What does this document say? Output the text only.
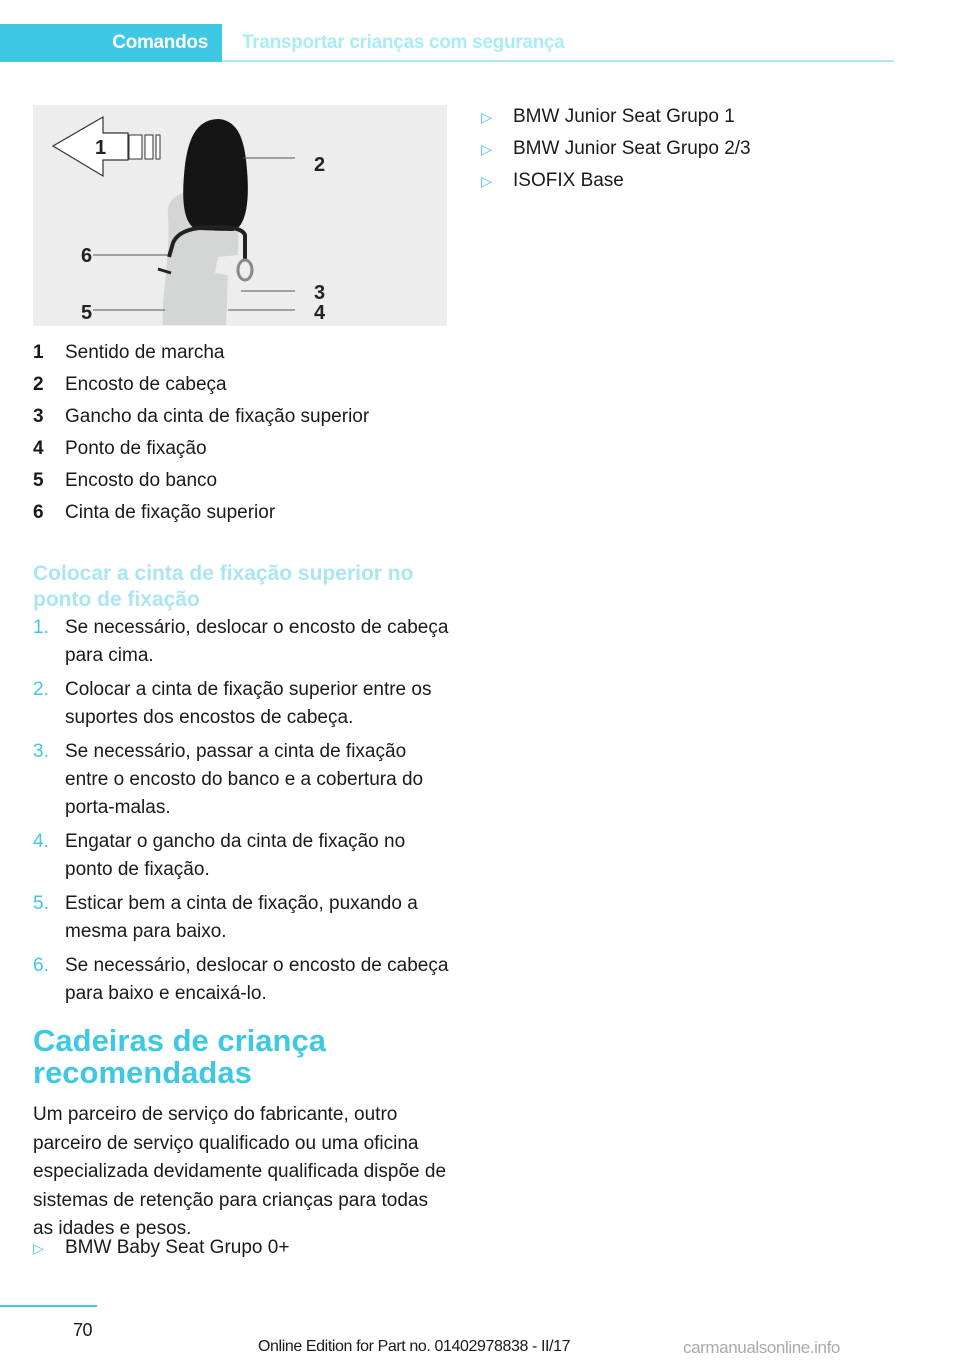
Comandos Transportar crianças com segurança
1
2
3
4
5
6
1	Sentido de marcha
2	Encosto de cabeça
3	Gancho da cinta de fixação superior
4	Ponto de fixação
5	Encosto do banco
6	Cinta de fixação superior
Colocar a cinta de fixação superior no ponto de fixação
1. Se necessário, deslocar o encosto de cabeça para cima.
2. Colocar a cinta de fixação superior entre os suportes dos encostos de cabeça.
3. Se necessário, passar a cinta de fixação entre o encosto do banco e a cobertura do porta-malas.
4. Engatar o gancho da cinta de fixação no ponto de fixação.
5. Esticar bem a cinta de fixação, puxando a mesma para baixo.
6. Se necessário, deslocar o encosto de cabeça para baixo e encaixá-lo.
Cadeiras de criança recomendadas
Um parceiro de serviço do fabricante, outro parceiro de serviço qualificado ou uma oficina especializada devidamente qualificada dispõe de sistemas de retenção para crianças para todas as idades e pesos.
▷	BMW Baby Seat Grupo 0+
▷	BMW Junior Seat Grupo 1
▷	BMW Junior Seat Grupo 2/3
▷	ISOFIX Base
70
Online Edition for Part no. 01402978838 - II/17	carmanualsonline.info
